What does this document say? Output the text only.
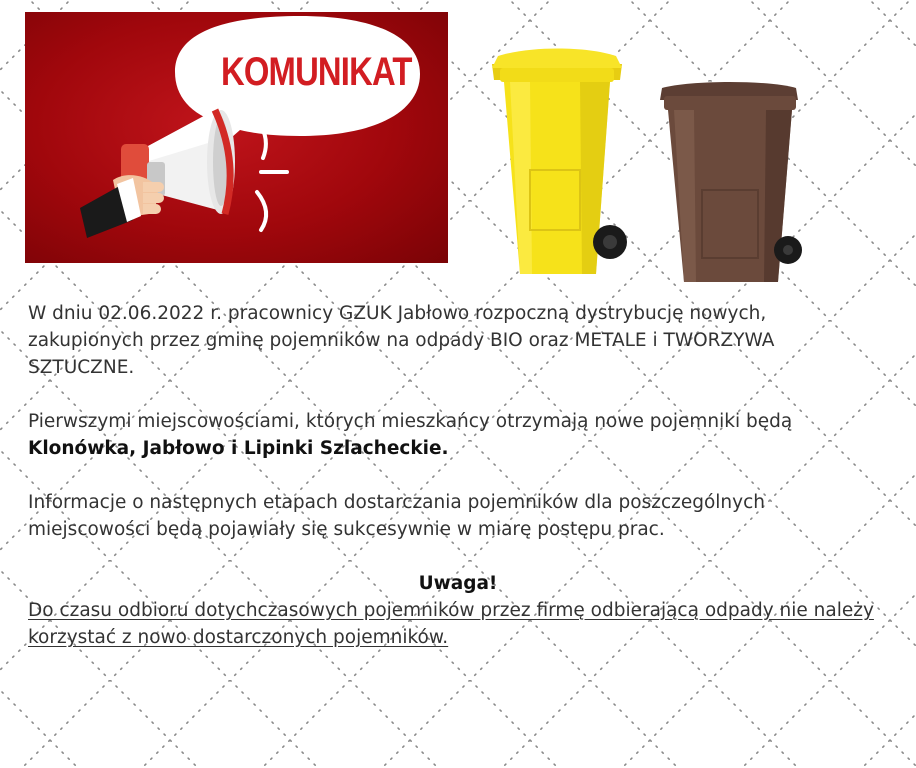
KOMUNIKAT

W dniu 02.06.2022 r. pracownicy GZUK Jabłowo rozpoczną dystrybucję nowych, zakupionych przez gminę pojemników na odpady BIO oraz METALE i TWORZYWA SZTUCZNE.

Pierwszymi miejscowościami, których mieszkańcy otrzymają nowe pojemniki będą
Klonówka, Jabłowo i Lipinki Szlacheckie.

Informacje o następnych etapach dostarczania pojemników dla poszczególnych miejscowości będą pojawiały się sukcesywnie w miarę postępu prac.

Uwaga!

Do czasu odbioru dotychczasowych pojemników przez firmę odbierającą odpady nie należy korzystać z nowo dostarczonych pojemników.
